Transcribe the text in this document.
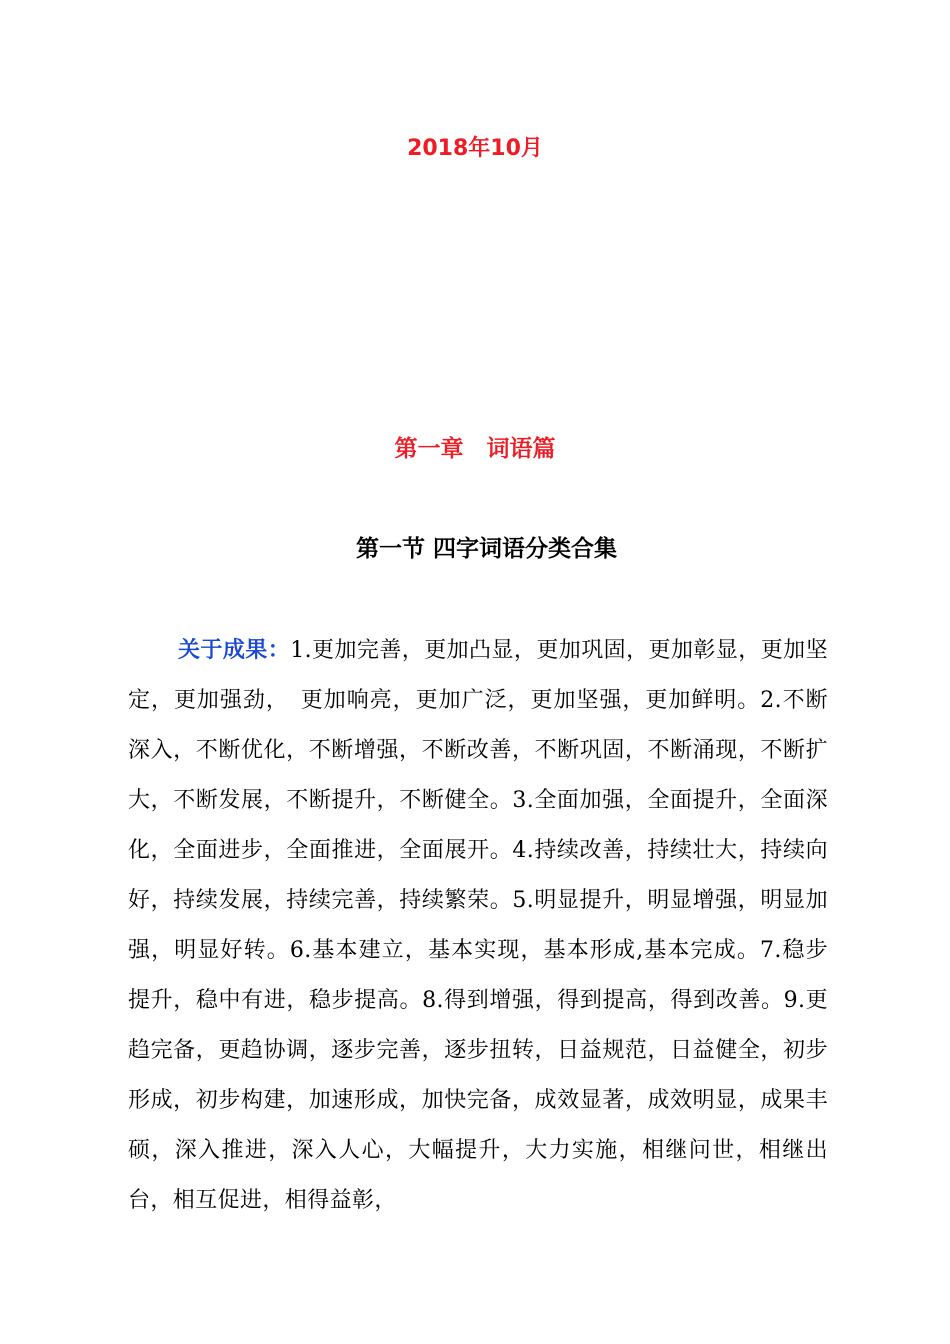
2018年10月
第一章　词语篇
第一节 四字词语分类合集

关于成果：1.更加完善，更加凸显，更加巩固，更加彰显，更加坚定，更加强劲，　更加响亮，更加广泛，更加坚强，更加鲜明。2.不断深入，不断优化，不断增强，不断改善，不断巩固，不断涌现，不断扩大，不断发展，不断提升，不断健全。3.全面加强，全面提升，全面深化，全面进步，全面推进，全面展开。4.持续改善，持续壮大，持续向好，持续发展，持续完善，持续繁荣。5.明显提升，明显增强，明显加强，明显好转。6.基本建立，基本实现，基本形成,基本完成。7.稳步提升，稳中有进，稳步提高。8.得到增强，得到提高，得到改善。9.更趋完备，更趋协调，逐步完善，逐步扭转，日益规范，日益健全，初步形成，初步构建，加速形成，加快完备，成效显著，成效明显，成果丰硕，深入推进，深入人心，大幅提升，大力实施，相继问世，相继出台，相互促进，相得益彰，
